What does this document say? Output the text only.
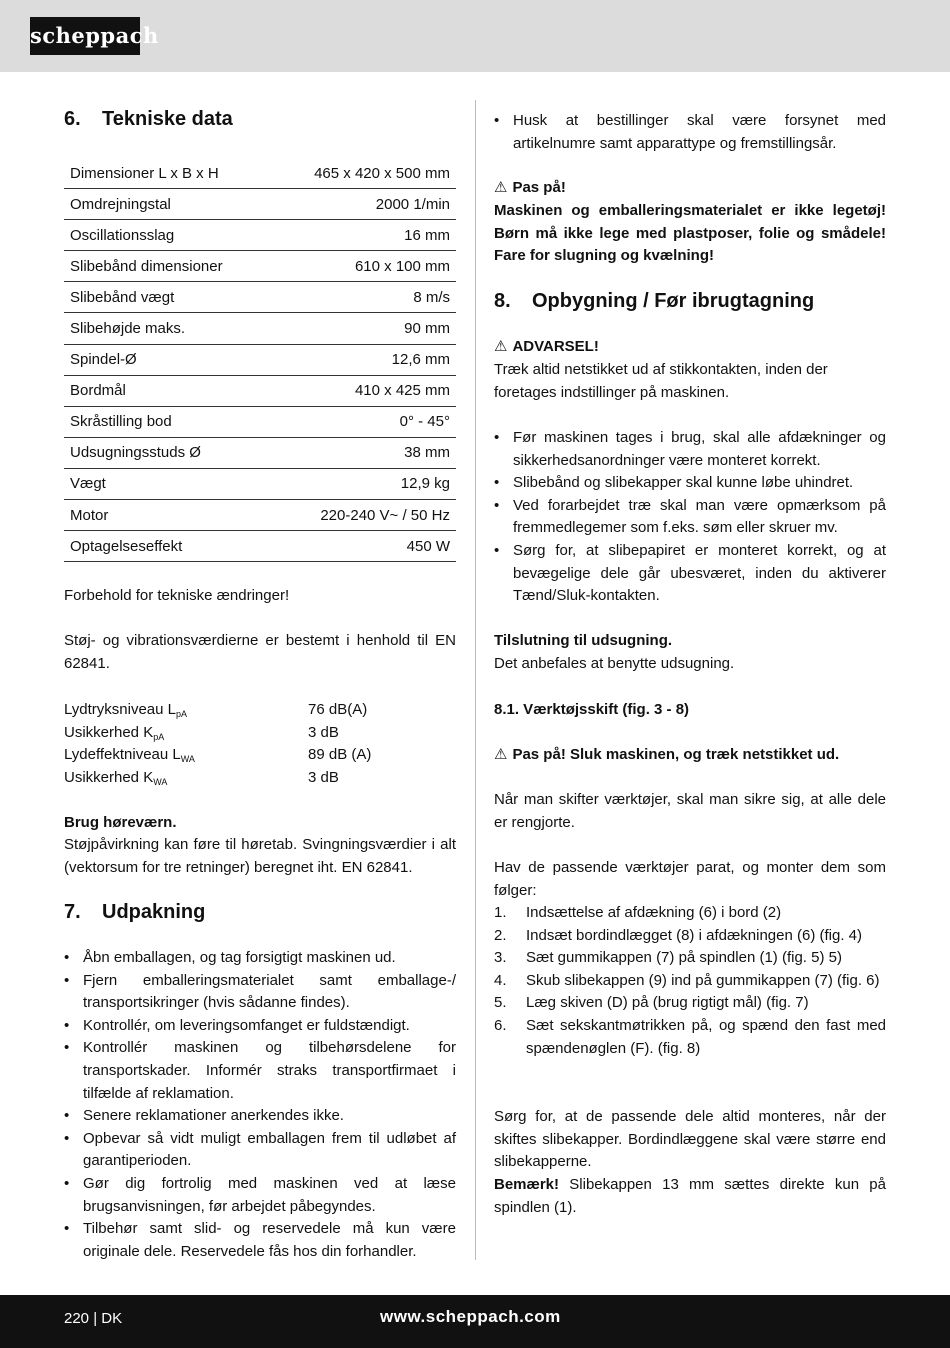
scheppach
6. Tekniske data
Dimensioner L x B x H	465 x 420 x 500 mm
Omdrejningstal	2000 1/min
Oscillationsslag	16 mm
Slibebånd dimensioner	610 x 100 mm
Slibebånd vægt	8 m/s
Slibehøjde maks.	90 mm
Spindel-Ø	12,6 mm
Bordmål	410 x 425 mm
Skråstilling bod	0° - 45°
Udsugningsstuds Ø	38 mm
Vægt	12,9 kg
Motor	220-240 V~ / 50 Hz
Optagelseseffekt	450 W

Forbehold for tekniske ændringer!

Støj- og vibrationsværdierne er bestemt i henhold til EN 62841.

Lydtryksniveau $L_{pA}$	76 dB(A)
Usikkerhed $K_{pA}$	3 dB
Lydeffektniveau $L_{WA}$	89 dB (A)
Usikkerhed $K_{WA}$	3 dB

Brug høreværn.

Støjpåvirkning kan føre til høretab. Svingningsværdier i alt (vektorsum for tre retninger) beregnet iht. EN 62841.

7. Udpakning
• Åbn emballagen, og tag forsigtigt maskinen ud.
• Fjern emballeringsmaterialet samt emballage-/ transportsikringer (hvis sådanne findes).
• Kontrollér, om leveringsomfanget er fuldstændigt.
• Kontrollér maskinen og tilbehørsdelene for transportskader. Informér straks transportfirmaet i tilfælde af reklamation.
• Senere reklamationer anerkendes ikke.
• Opbevar så vidt muligt emballagen frem til udløbet af garantiperioden.
• Gør dig fortrolig med maskinen ved at læse brugsanvisningen, før arbejdet påbegyndes.
• Tilbehør samt slid- og reservedele må kun være originale dele. Reservedele fås hos din forhandler.
• Husk at bestillinger skal være forsynet med artikelnumre samt apparattype og fremstillingsår.

⚠ Pas på!

Maskinen og emballeringsmaterialet er ikke legetøj! Børn må ikke lege med plastposer, folie og smådele! Fare for slugning og kvælning!

8. Opbygning / Før ibrugtagning

⚠ ADVARSEL!

Træk altid netstikket ud af stikkontakten, inden der foretages indstillinger på maskinen.

• Før maskinen tages i brug, skal alle afdækninger og sikkerhedsanordninger være monteret korrekt.
• Slibebånd og slibekapper skal kunne løbe uhindret.
• Ved forarbejdet træ skal man være opmærksom på fremmedlegemer som f.eks. søm eller skruer mv.
• Sørg for, at slibepapiret er monteret korrekt, og at bevægelige dele går ubesværet, inden du aktiverer Tænd/Sluk-kontakten.

Tilslutning til udsugning.

Det anbefales at benytte udsugning.

8.1. Værktøjsskift (fig. 3 - 8)

⚠ Pas på! Sluk maskinen, og træk netstikket ud.

Når man skifter værktøjer, skal man sikre sig, at alle dele er rengjorte.

Hav de passende værktøjer parat, og monter dem som følger:

1. Indsættelse af afdækning (6) i bord (2)
2. Indsæt bordindlægget (8) i afdækningen (6) (fig. 4)
3. Sæt gummikappen (7) på spindlen (1) (fig. 5) 5)
4. Skub slibekappen (9) ind på gummikappen (7) (fig. 6)
5. Læg skiven (D) på (brug rigtigt mål) (fig. 7)
6. Sæt sekskantmøtrikken på, og spænd den fast med spændenøglen (F). (fig. 8)

Sørg for, at de passende dele altid monteres, når der skiftes slibekapper. Bordindlæggene skal være større end slibekapperne.

Bemærk! Slibekappen 13 mm sættes direkte kun på spindlen (1).

220 | DK	www.scheppach.com
